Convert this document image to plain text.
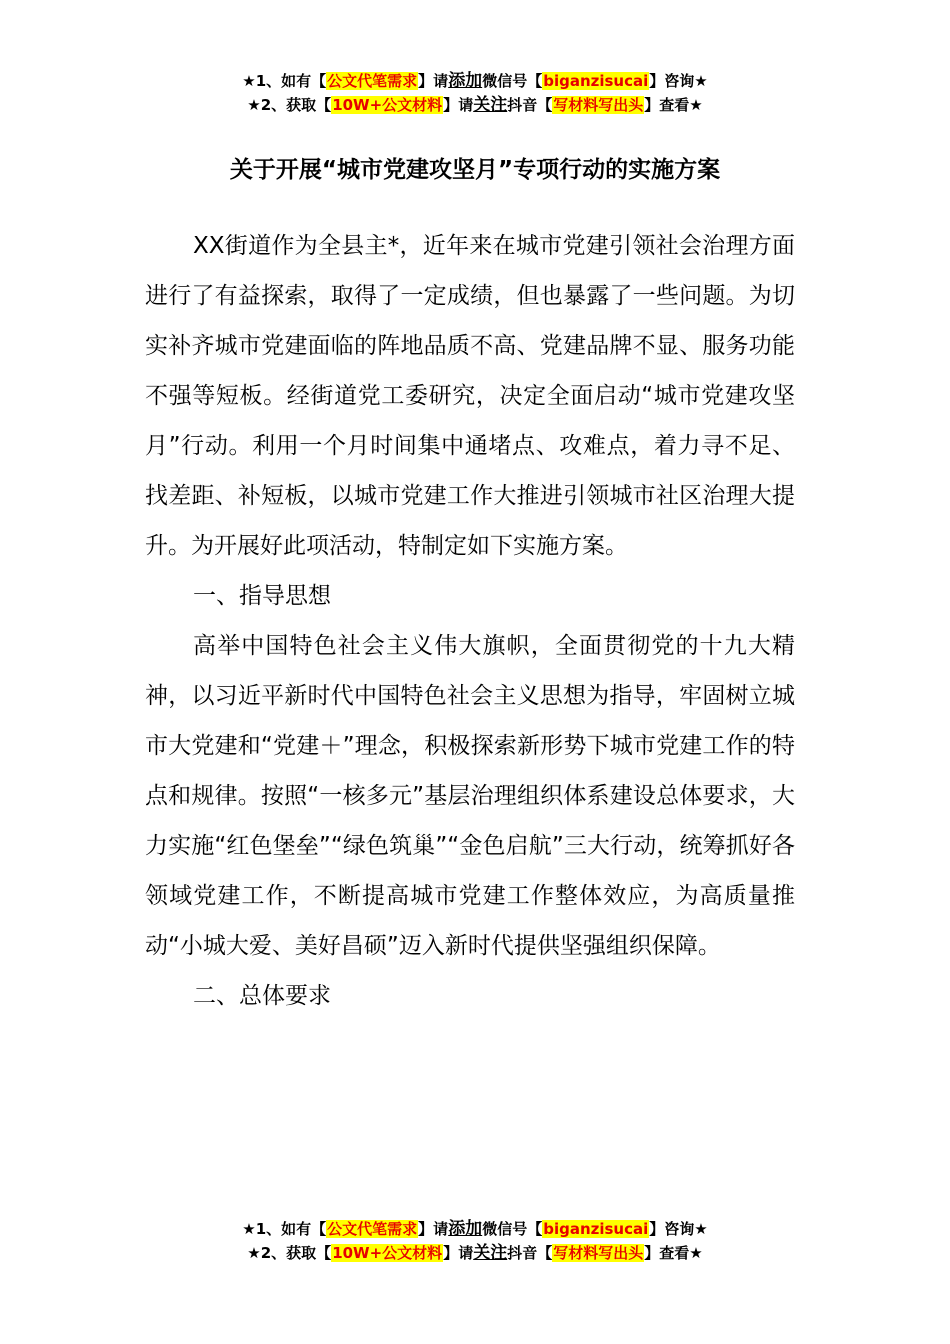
★1、如有【公文代笔需求】请添加微信号【biganzisucai】咨询★
★2、获取【10W+公文材料】请关注抖音【写材料写出头】查看★
关于开展“城市党建攻坚月”专项行动的实施方案

XX街道作为全县主*，近年来在城市党建引领社会治理方面进行了有益探索，取得了一定成绩，但也暴露了一些问题。为切实补齐城市党建面临的阵地品质不高、党建品牌不显、服务功能不强等短板。经街道党工委研究，决定全面启动“城市党建攻坚月”行动。利用一个月时间集中通堵点、攻难点，着力寻不足、找差距、补短板，以城市党建工作大推进引领城市社区治理大提升。为开展好此项活动，特制定如下实施方案。

一、指导思想

高举中国特色社会主义伟大旗帜，全面贯彻党的十九大精神，以习近平新时代中国特色社会主义思想为指导，牢固树立城市大党建和“党建＋”理念，积极探索新形势下城市党建工作的特点和规律。按照“一核多元”基层治理组织体系建设总体要求，大力实施“红色堡垒”“绿色筑巢”“金色启航”三大行动，统筹抓好各领域党建工作，不断提高城市党建工作整体效应，为高质量推动“小城大爱、美好昌硕”迈入新时代提供坚强组织保障。

二、总体要求

★1、如有【公文代笔需求】请添加微信号【biganzisucai】咨询★
★2、获取【10W+公文材料】请关注抖音【写材料写出头】查看★
